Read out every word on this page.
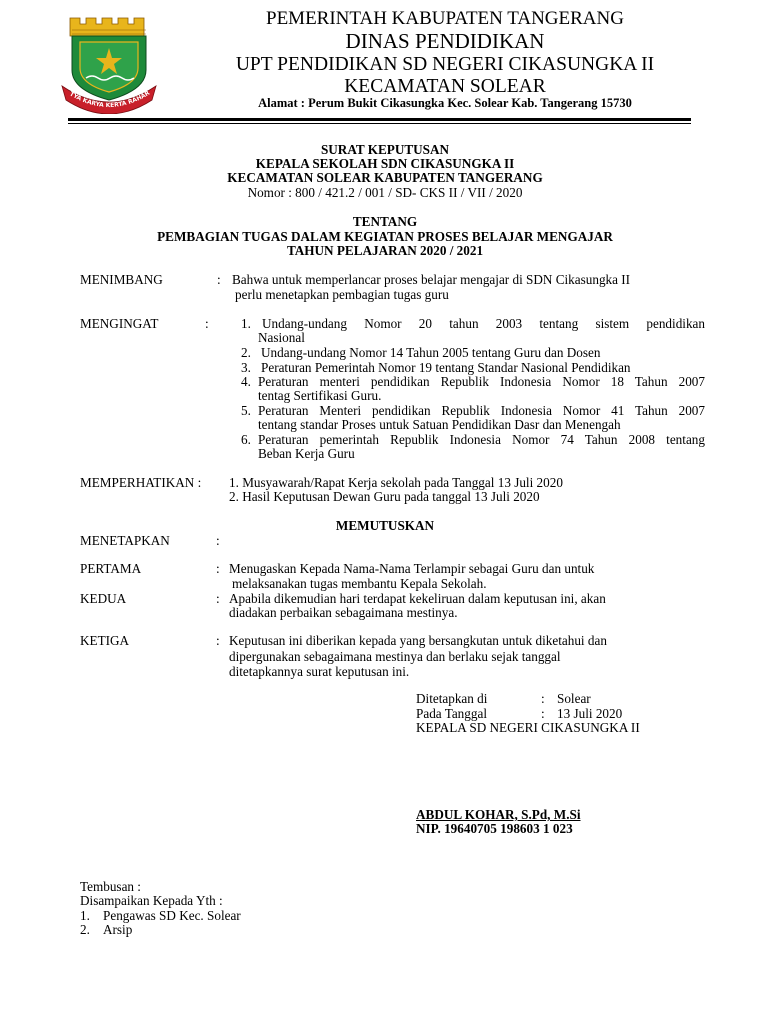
TYA KARYA KERTA RAHAR
PEMERINTAH KABUPATEN TANGERANG
DINAS PENDIDIKAN
UPT PENDIDIKAN SD NEGERI CIKASUNGKA II
KECAMATAN SOLEAR
Alamat : Perum Bukit Cikasungka Kec. Solear Kab. Tangerang 15730
SURAT KEPUTUSAN
KEPALA SEKOLAH SDN CIKASUNGKA II
KECAMATAN SOLEAR KABUPATEN TANGERANG
Nomor : 800 / 421.2 / 001 / SD- CKS II / VII / 2020
TENTANG
PEMBAGIAN TUGAS DALAM KEGIATAN PROSES BELAJAR MENGAJAR
TAHUN PELAJARAN 2020 / 2021
MENIMBANG	: Bahwa untuk memperlancar proses belajar mengajar di SDN Cikasungka II
perlu menetapkan pembagian tugas guru
MENGINGAT	: 1. Undang-undang Nomor 20 tahun 2003 tentang sistem pendidikan
Nasional
2. Undang-undang Nomor 14 Tahun 2005 tentang Guru dan Dosen
3. Peraturan Pemerintah Nomor 19 tentang Standar Nasional Pendidikan
4. Peraturan menteri pendidikan Republik Indonesia Nomor 18 Tahun 2007
tentag Sertifikasi Guru.
5. Peraturan Menteri pendidikan Republik Indonesia Nomor 41 Tahun 2007
tentang standar Proses untuk Satuan Pendidikan Dasr dan Menengah
6. Peraturan pemerintah Republik Indonesia Nomor 74 Tahun 2008 tentang
Beban Kerja Guru
MEMPERHATIKAN : 1. Musyawarah/Rapat Kerja sekolah pada Tanggal 13 Juli 2020
2. Hasil Keputusan Dewan Guru pada tanggal 13 Juli 2020
MEMUTUSKAN
MENETAPKAN	:
PERTAMA	: Menugaskan Kepada Nama-Nama Terlampir sebagai Guru dan untuk
melaksanakan tugas membantu Kepala Sekolah.
KEDUA	: Apabila dikemudian hari terdapat kekeliruan dalam keputusan ini, akan
diadakan perbaikan sebagaimana mestinya.
KETIGA	: Keputusan ini diberikan kepada yang bersangkutan untuk diketahui dan
dipergunakan sebagaimana mestinya dan berlaku sejak tanggal
ditetapkannya surat keputusan ini.
Ditetapkan di	: Solear
Pada Tanggal	: 13 Juli 2020
KEPALA SD NEGERI CIKASUNGKA II
ABDUL KOHAR, S.Pd, M.Si
NIP. 19640705 198603 1 023
Tembusan :
Disampaikan Kepada Yth :
1. Pengawas SD Kec. Solear
2. Arsip
